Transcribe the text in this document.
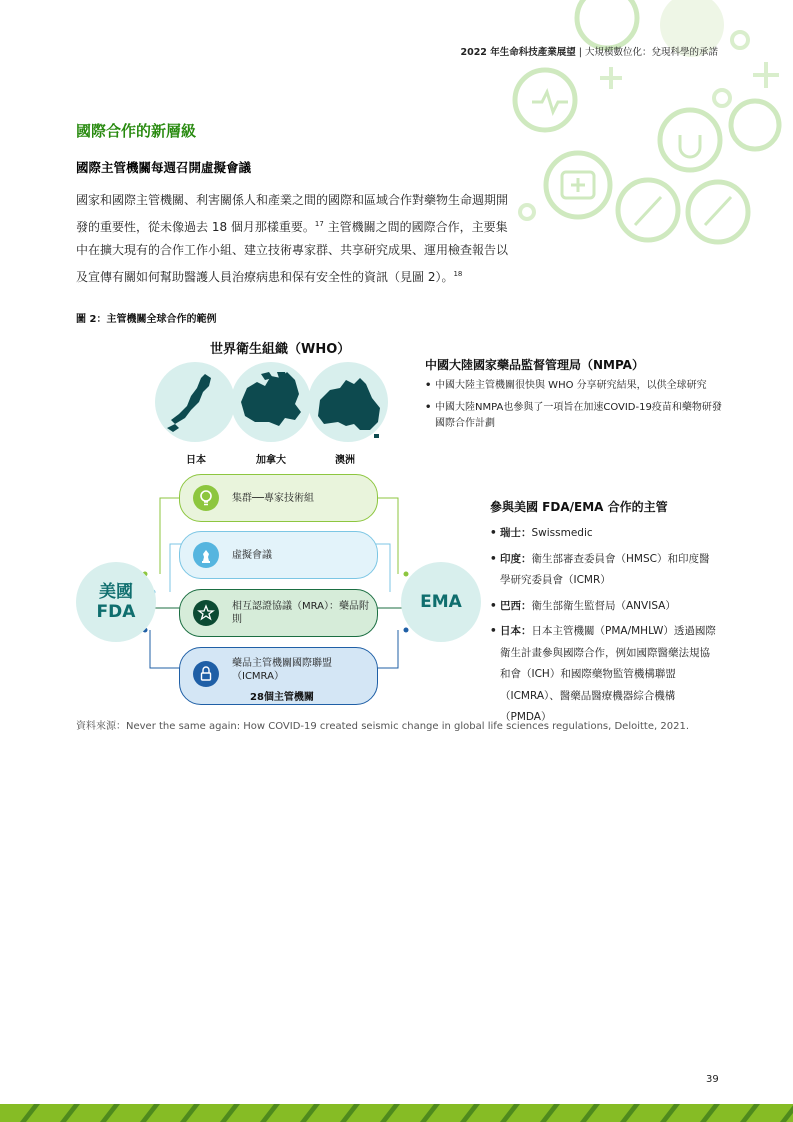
2022 年生命科技產業展望 | 大規模數位化：兌現科學的承諾
國際合作的新層級
國際主管機關每週召開虛擬會議
國家和國際主管機關、利害關係人和產業之間的國際和區域合作對藥物生命週期開發的重要性，從未像過去 18 個月那樣重要。$^{17}$ 主管機關之間的國際合作，主要集中在擴大現有的合作工作小組、建立技術專家群、共享研究成果、運用檢查報告以及宣傳有關如何幫助醫護人員治療病患和保有安全性的資訊（見圖 2）。$^{18}$
圖 2：主管機關全球合作的範例
世界衛生組織（WHO）
日本	加拿大	澳洲
美國
FDA	EMA
集群──專家技術組
虛擬會議
相互認證協議（MRA）：藥品附則
藥品主管機關國際聯盟（ICMRA）
28個主管機關
中國大陸國家藥品監督管理局（NMPA）
• 中國大陸主管機關很快與 WHO 分享研究結果，以供全球研究
• 中國大陸NMPA也參與了一項旨在加速COVID-19疫苗和藥物研發國際合作計劃
參與美國 FDA/EMA 合作的主管
• 瑞士：Swissmedic
• 印度：衛生部審查委員會（HMSC）和印度醫學研究委員會（ICMR）
• 巴西：衛生部衛生監督局（ANVISA）
• 日本：日本主管機關（PMA/MHLW）透過國際衛生計畫參與國際合作，例如國際醫藥法規協和會（ICH）和國際藥物監管機構聯盟（ICMRA）、醫藥品醫療機器綜合機構（PMDA）
資料來源：Never the same again: How COVID-19 created seismic change in global life sciences regulations, Deloitte, 2021.
39
